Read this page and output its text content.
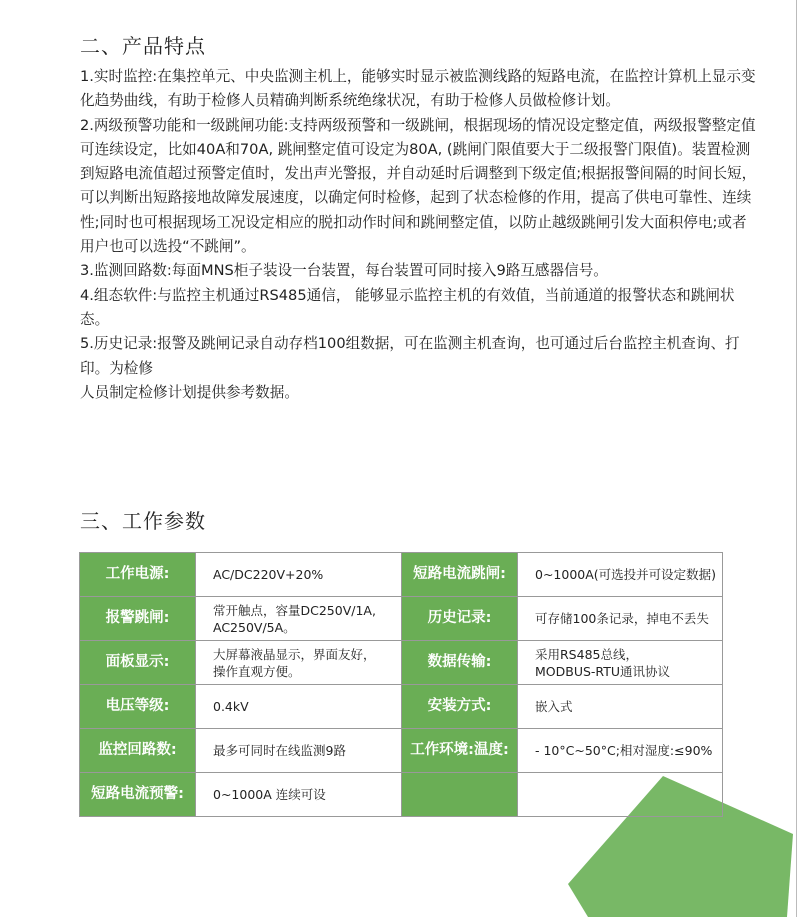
二、产品特点

1.实时监控:在集控单元、中央监测主机上，能够实时显示被监测线路的短路电流，在监控计算机上显示变化趋势曲线，有助于检修人员精确判断系统绝缘状况，有助于检修人员做检修计划。

2.两级预警功能和一级跳闸功能:支持两级预警和一级跳闸，根据现场的情况设定整定值，两级报警整定值可连续设定，比如40A和70A, 跳闸整定值可设定为80A, (跳闸门限值要大于二级报警门限值)。装置检测到短路电流值超过预警定值时，发出声光警报，并自动延时后调整到下级定值;根据报警间隔的时间长短，可以判断出短路接地故障发展速度，以确定何时检修，起到了状态检修的作用，提高了供电可靠性、连续性;同时也可根据现场工况设定相应的脱扣动作时间和跳闸整定值，以防止越级跳闸引发大面积停电;或者用户也可以选投“不跳闸”。

3.监测回路数:每面MNS柜子装设一台装置，每台装置可同时接入9路互感器信号。

4.组态软件:与监控主机通过RS485通信， 能够显示监控主机的有效值，当前通道的报警状态和跳闸状态。

5.历史记录:报警及跳闸记录自动存档100组数据，可在监测主机查询，也可通过后台监控主机查询、打印。为检修

人员制定检修计划提供参考数据。

三、工作参数
工作电源:	AC/DC220V+20%	短路电流跳闸:	0~1000A(可选投并可设定数据)
报警跳闸:	常开触点，容量DC250V/1A,
AC250V/5A。	历史记录:	可存储100条记录，掉电不丢失
面板显示:	大屏幕液晶显示，界面友好，
操作直观方便。	数据传输:	采用RS485总线，
MODBUS-RTU通讯协议
电压等级:	0.4kV	安装方式:	嵌入式
监控回路数:	最多可同时在线监测9路	工作环境:温度:	- 10°C~50°C;相对湿度:≤90%
短路电流预警:	0~1000A 连续可设		
